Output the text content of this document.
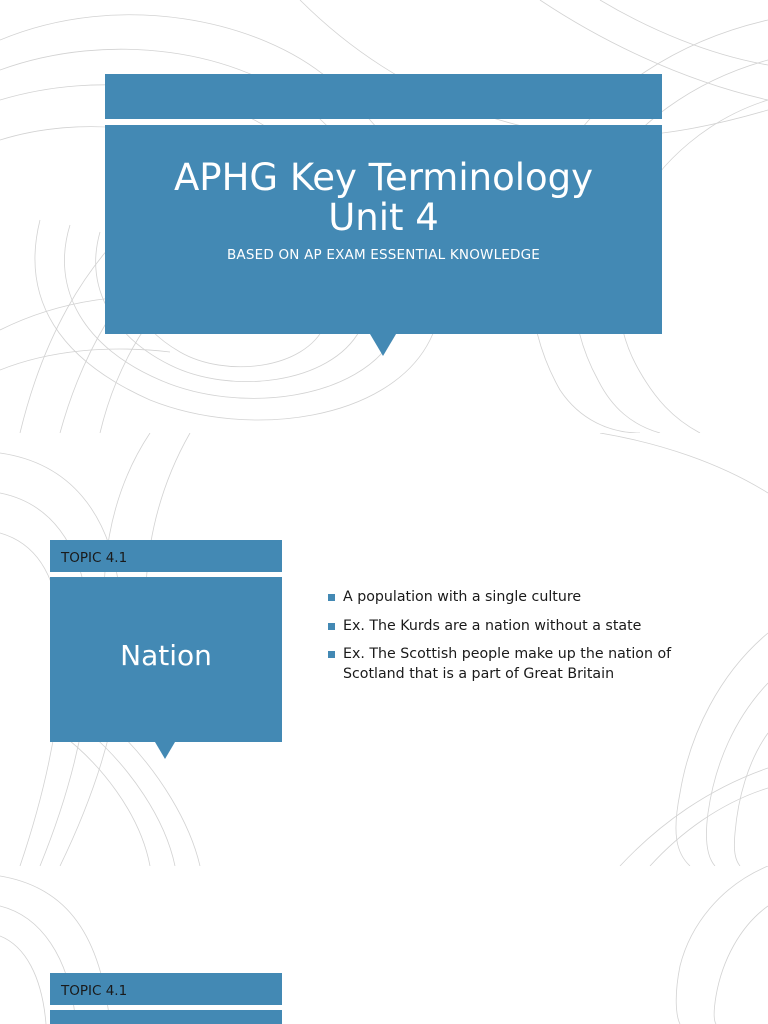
APHG Key Terminology
Unit 4
BASED ON AP EXAM ESSENTIAL KNOWLEDGE
TOPIC 4.1
Nation
A population with a single culture
Ex. The Kurds are a nation without a state
Ex. The Scottish people make up the nation of Scotland that is a part of Great Britain
TOPIC 4.1
